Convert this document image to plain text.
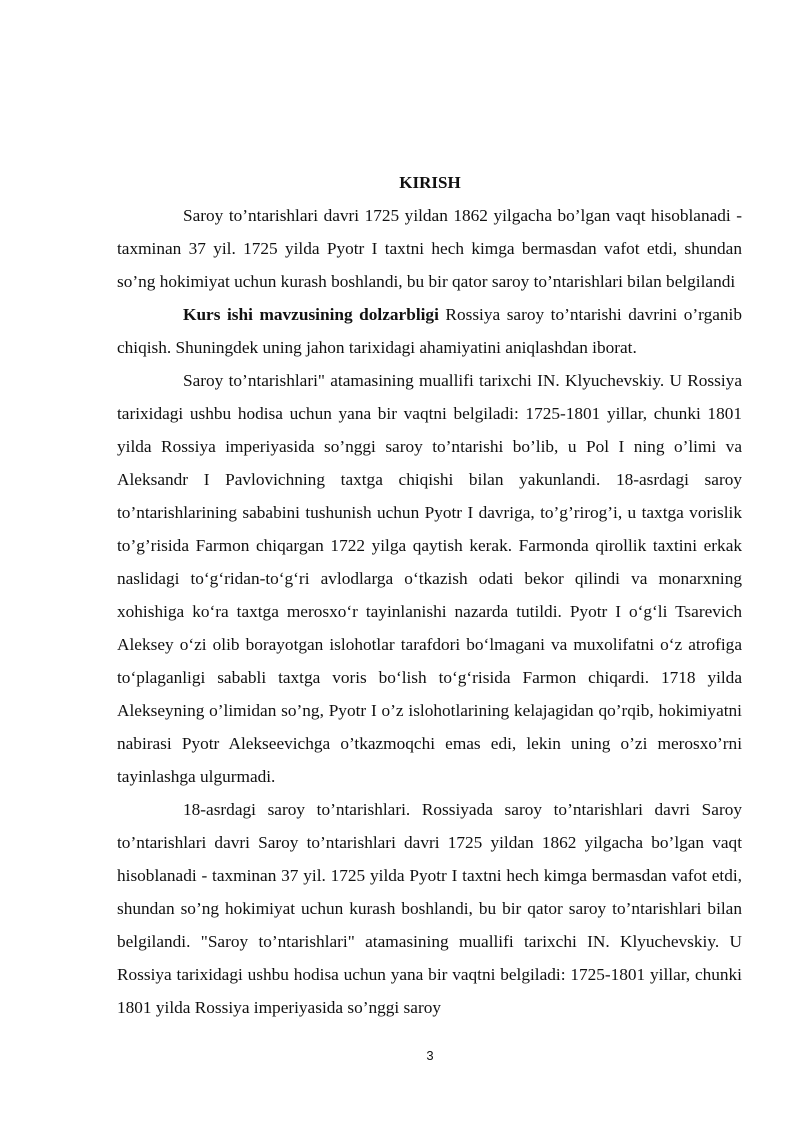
KIRISH

Saroy to’ntarishlari davri 1725 yildan 1862 yilgacha bo’lgan vaqt hisoblanadi - taxminan 37 yil. 1725 yilda Pyotr I taxtni hech kimga bermasdan vafot etdi, shundan so’ng hokimiyat uchun kurash boshlandi, bu bir qator saroy to’ntarishlari bilan belgilandi

Kurs ishi mavzusining dolzarbligi Rossiya saroy to’ntarishi davrini o’rganib chiqish. Shuningdek uning jahon tarixidagi ahamiyatini aniqlashdan iborat.

Saroy to’ntarishlari" atamasining muallifi tarixchi IN. Klyuchevskiy. U Rossiya tarixidagi ushbu hodisa uchun yana bir vaqtni belgiladi: 1725-1801 yillar, chunki 1801 yilda Rossiya imperiyasida so’nggi saroy to’ntarishi bo’lib, u Pol I ning o’limi va Aleksandr I Pavlovichning taxtga chiqishi bilan yakunlandi. 18-asrdagi saroy to’ntarishlarining sababini tushunish uchun Pyotr I davriga, to’g’rirog’i, u taxtga vorislik to’g’risida Farmon chiqargan 1722 yilga qaytish kerak. Farmonda qirollik taxtini erkak naslidagi to‘g‘ridan-to‘g‘ri avlodlarga o‘tkazish odati bekor qilindi va monarxning xohishiga ko‘ra taxtga merosxo‘r tayinlanishi nazarda tutildi. Pyotr I o‘g‘li Tsarevich Aleksey o‘zi olib borayotgan islohotlar tarafdori bo‘lmagani va muxolifatni o‘z atrofiga to‘plaganligi sababli taxtga voris bo‘lish to‘g‘risida Farmon chiqardi. 1718 yilda Alekseyning o’limidan so’ng, Pyotr I o’z islohotlarining kelajagidan qo’rqib, hokimiyatni nabirasi Pyotr Alekseevichga o’tkazmoqchi emas edi, lekin uning o’zi merosxo’rni tayinlashga ulgurmadi.

18-asrdagi saroy to’ntarishlari. Rossiyada saroy to’ntarishlari davri Saroy to’ntarishlari davri Saroy to’ntarishlari davri 1725 yildan 1862 yilgacha bo’lgan vaqt hisoblanadi - taxminan 37 yil. 1725 yilda Pyotr I taxtni hech kimga bermasdan vafot etdi, shundan so’ng hokimiyat uchun kurash boshlandi, bu bir qator saroy to’ntarishlari bilan belgilandi. "Saroy to’ntarishlari" atamasining muallifi tarixchi IN. Klyuchevskiy. U Rossiya tarixidagi ushbu hodisa uchun yana bir vaqtni belgiladi: 1725-1801 yillar, chunki 1801 yilda Rossiya imperiyasida so’nggi saroy

3
